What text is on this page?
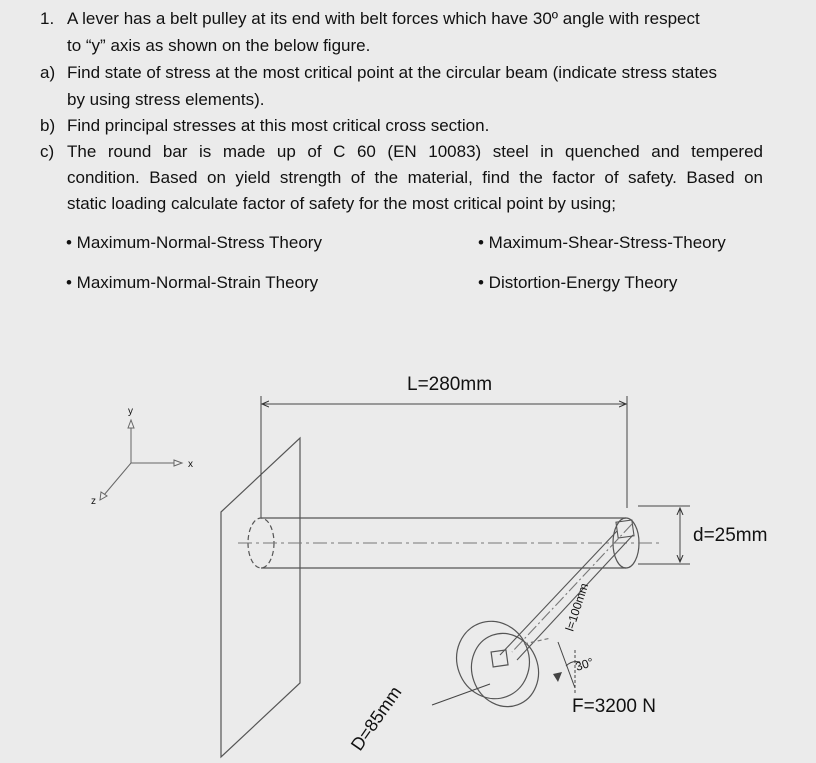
1. A lever has a belt pulley at its end with belt forces which have 30º angle with respect
to “y” axis as shown on the below figure.
a) Find state of stress at the most critical point at the circular beam (indicate stress states
by using stress elements).
b) Find principal stresses at this most critical cross section.
c) The round bar is made up of C 60 (EN 10083) steel in quenched and tempered
condition. Based on yield strength of the material, find the factor of safety. Based on
static loading calculate factor of safety for the most critical point by using;
• Maximum-Normal-Stress Theory	• Maximum-Shear-Stress-Theory
• Maximum-Normal-Strain Theory	• Distortion-Energy Theory
y
x
z
L=280mm
d=25mm
l=100mm
D=85mm
30°
F=3200 N
